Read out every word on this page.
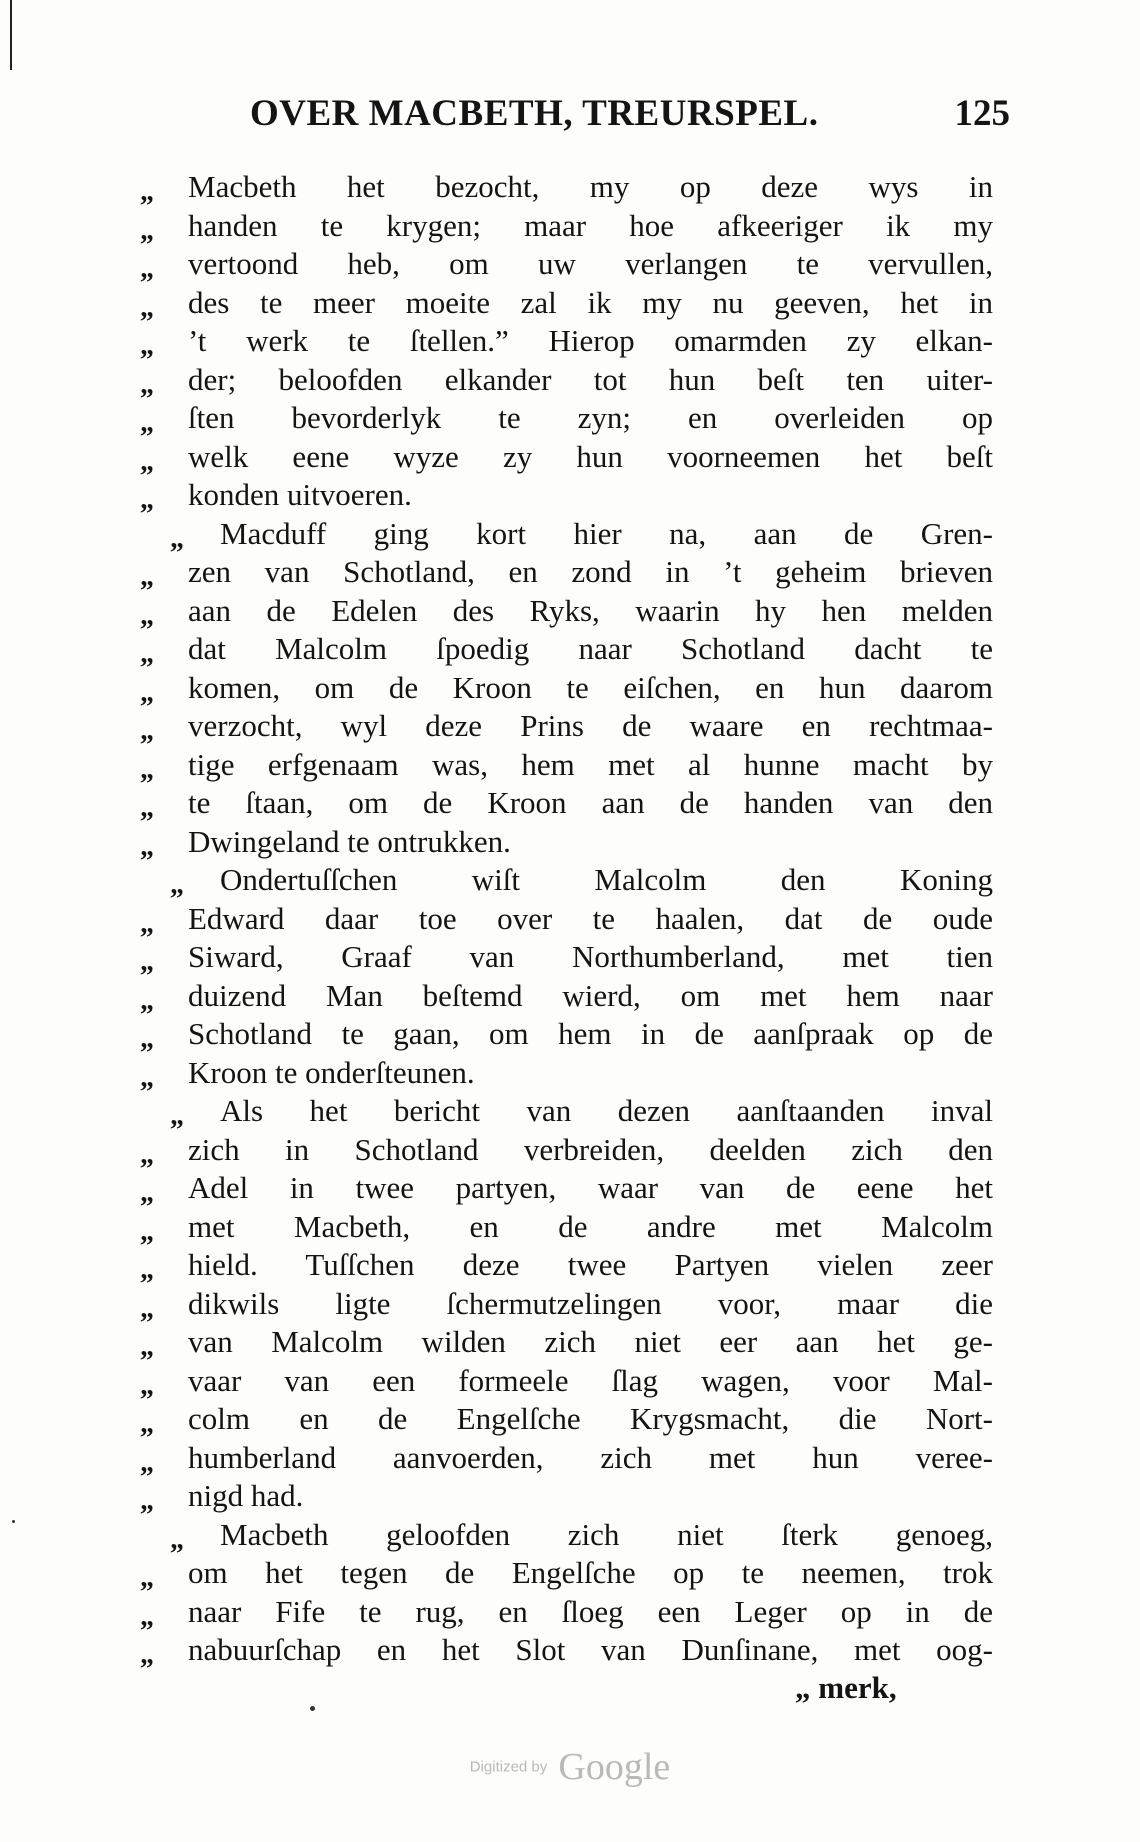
OVER MACBETH, TREURSPEL.	125
„	Macbeth het bezocht, my op deze wys in
„	handen te krygen; maar hoe afkeeriger ik my
„	vertoond heb, om uw verlangen te vervullen,
„	des te meer moeite zal ik my nu geeven, het in
„	’t werk te ſtellen.” Hierop omarmden zy elkan-
„	der; beloofden elkander tot hun beſt ten uiter-
„	ſten bevorderlyk te zyn; en overleiden op
„	welk eene wyze zy hun voorneemen het beſt
„	konden uitvoeren.
„	Macduff ging kort hier na, aan de Gren-
„	zen van Schotland, en zond in ’t geheim brieven
„	aan de Edelen des Ryks, waarin hy hen melden
„	dat Malcolm ſpoedig naar Schotland dacht te
„	komen, om de Kroon te eiſchen, en hun daarom
„	verzocht, wyl deze Prins de waare en rechtmaa-
„	tige erfgenaam was, hem met al hunne macht by
„	te ſtaan, om de Kroon aan de handen van den
„	Dwingeland te ontrukken.
„	Ondertuſſchen wiſt Malcolm den Koning
„	Edward daar toe over te haalen, dat de oude
„	Siward, Graaf van Northumberland, met tien
„	duizend Man beſtemd wierd, om met hem naar
„	Schotland te gaan, om hem in de aanſpraak op de
„	Kroon te onderſteunen.
„	Als het bericht van dezen aanſtaanden inval
„	zich in Schotland verbreiden, deelden zich den
„	Adel in twee partyen, waar van de eene het
„	met Macbeth, en de andre met Malcolm
„	hield. Tuſſchen deze twee Partyen vielen zeer
„	dikwils ligte ſchermutzelingen voor, maar die
„	van Malcolm wilden zich niet eer aan het ge-
„	vaar van een formeele ſlag wagen, voor Mal-
„	colm en de Engelſche Krygsmacht, die Nort-
„	humberland aanvoerden, zich met hun veree-
„	nigd had.
„	Macbeth geloofden zich niet ſterk genoeg,
„	om het tegen de Engelſche op te neemen, trok
„	naar Fife te rug, en ſloeg een Leger op in de
„	nabuurſchap en het Slot van Dunſinane, met oog-
„ merk,
Digitized by Google
